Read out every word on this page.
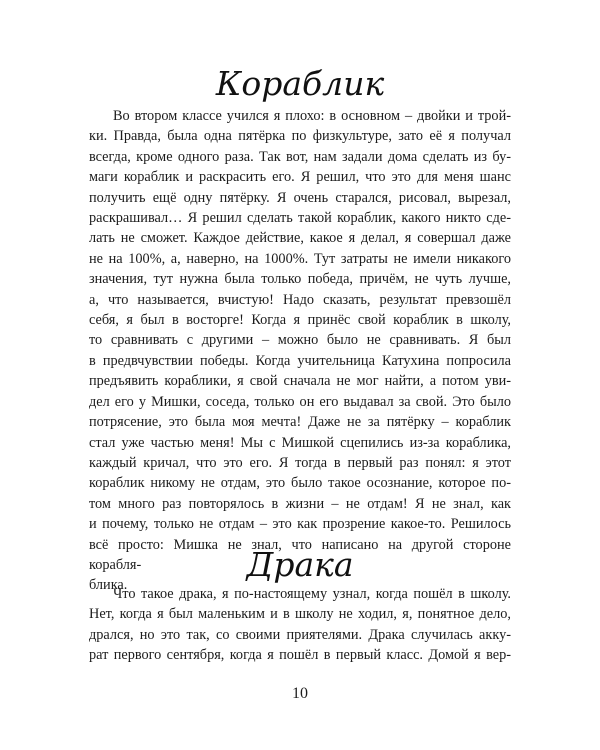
Кораблик

Во втором классе учился я плохо: в основном – двойки и трой-

ки. Правда, была одна пятёрка по физкультуре, зато её я получал

всегда, кроме одного раза. Так вот, нам задали дома сделать из бу-

маги кораблик и раскрасить его. Я решил, что это для меня шанс

получить ещё одну пятёрку. Я очень старался, рисовал, вырезал,

раскрашивал… Я решил сделать такой кораблик, какого никто сде-

лать не сможет. Каждое действие, какое я делал, я совершал даже

не на 100%, а, наверно, на 1000%. Тут затраты не имели никакого

значения, тут нужна была только победа, причём, не чуть лучше,

а, что называется, вчистую! Надо сказать, результат превзошёл

себя, я был в восторге! Когда я принёс свой кораблик в школу,

то сравнивать с другими – можно было не сравнивать. Я был

в предвчувствии победы. Когда учительница Катухина попросила

предъявить кораблики, я свой сначала не мог найти, а потом уви-

дел его у Мишки, соседа, только он его выдавал за свой. Это было

потрясение, это была моя мечта! Даже не за пятёрку – кораблик

стал уже частью меня! Мы с Мишкой сцепились из-за кораблика,

каждый кричал, что это его. Я тогда в первый раз понял: я этот

кораблик никому не отдам, это было такое осознание, которое по-

том много раз повторялось в жизни – не отдам! Я не знал, как

и почему, только не отдам – это как прозрение какое-то. Решилось

всё просто: Мишка не знал, что написано на другой стороне корабля-

блика.

Драка

Что такое драка, я по-настоящему узнал, когда пошёл в школу.

Нет, когда я был маленьким и в школу не ходил, я, понятное дело,

дрался, но это так, со своими приятелями. Драка случилась акку-

рат первого сентября, когда я пошёл в первый класс. Домой я вер-

10
